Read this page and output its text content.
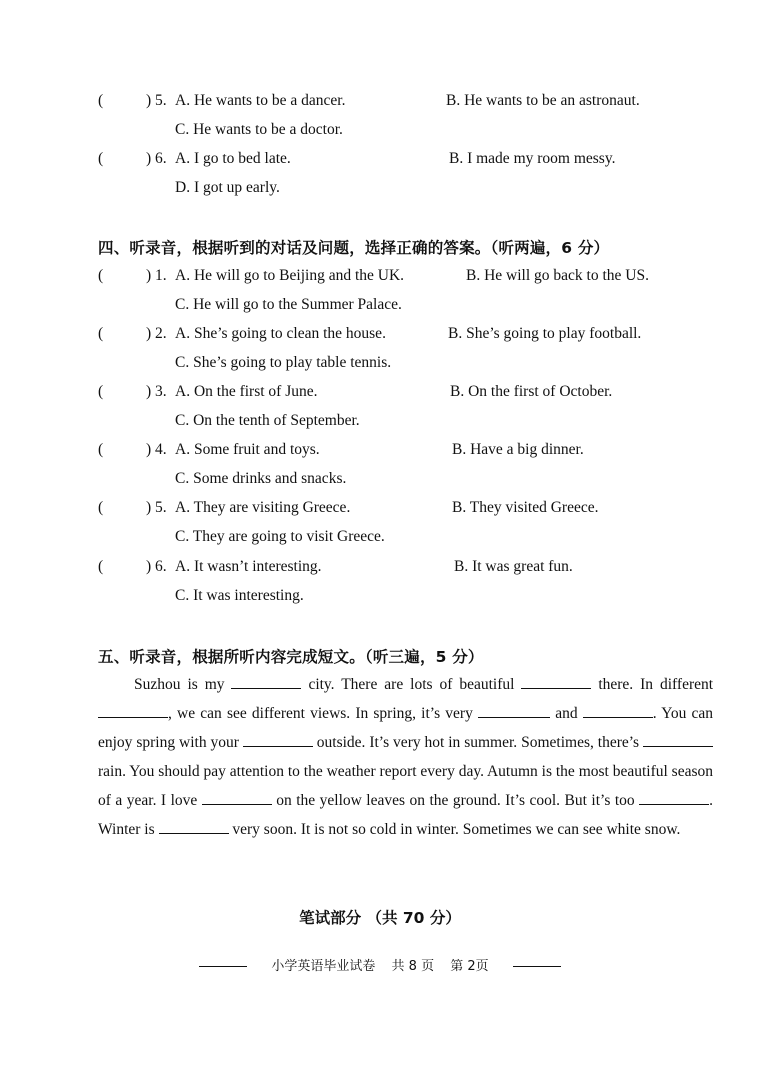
(	) 5. A. He wants to be a dancer.	B. He wants to be an astronaut.
C. He wants to be a doctor.
(	) 6. A. I go to bed late.	B. I made my room messy.
D. I got up early.
四、听录音，根据听到的对话及问题，选择正确的答案。（听两遍，6 分）
(	) 1. A. He will go to Beijing and the UK.	B. He will go back to the US.
C. He will go to the Summer Palace.
(	) 2. A. She’s going to clean the house.	B. She’s going to play football.
C. She’s going to play table tennis.
(	) 3. A. On the first of June.	B. On the first of October.
C. On the tenth of September.
(	) 4. A. Some fruit and toys.	B. Have a big dinner.
C. Some drinks and snacks.
(	) 5. A. They are visiting Greece.	B. They visited Greece.
C. They are going to visit Greece.
(	) 6. A. It wasn’t interesting.	B. It was great fun.
C. It was interesting.
五、听录音，根据所听内容完成短文。（听三遍，5 分）
Suzhou is my	city. There are lots of beautiful	there. In different , we can see different views. In spring, it’s very	and	. You can enjoy spring with your	outside. It’s very hot in summer. Sometimes, there’s  rain. You should pay attention to the weather report every day. Autumn is the most beautiful season of a year. I love	on the yellow leaves on the ground. It’s cool. But it’s too	. Winter is	very soon. It is not so cold in winter. Sometimes we can see white snow.
笔试部分 （共 70 分）
小学英语毕业试卷 共 8 页 第 2页
